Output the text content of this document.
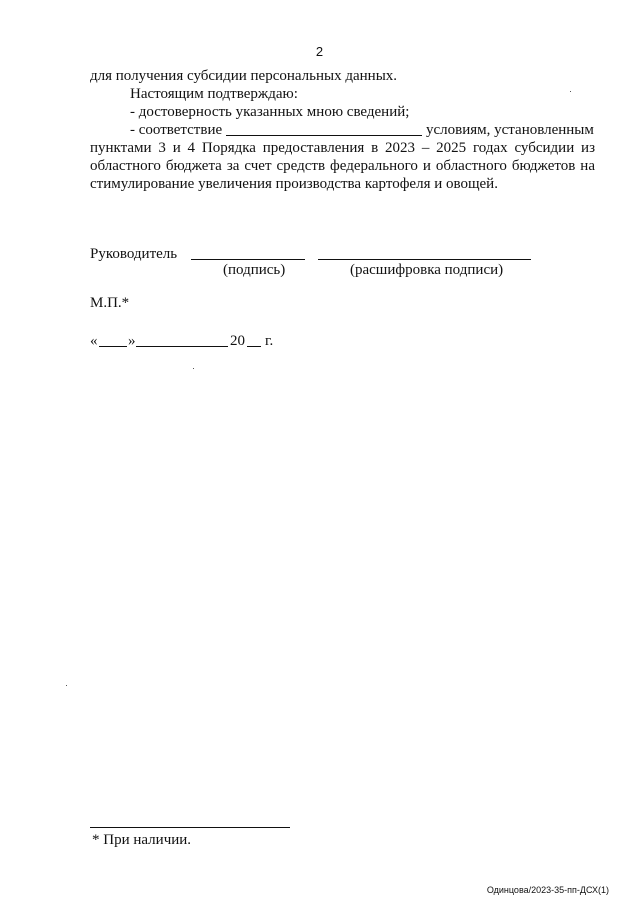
2
для получения субсидии персональных данных.
Настоящим подтверждаю:
- достоверность указанных мною сведений;
- соответствие	условиям, установленным
пунктами 3 и 4 Порядка предоставления в 2023 – 2025 годах субсидии из областного бюджета за счет средств федерального и областного бюджетов на стимулирование увеличения производства картофеля и овощей.
Руководитель
(подпись)	(расшифровка подписи)
М.П.*
« »	20 г.
* При наличии.
Одинцова/2023-35-пп-ДСХ(1)
